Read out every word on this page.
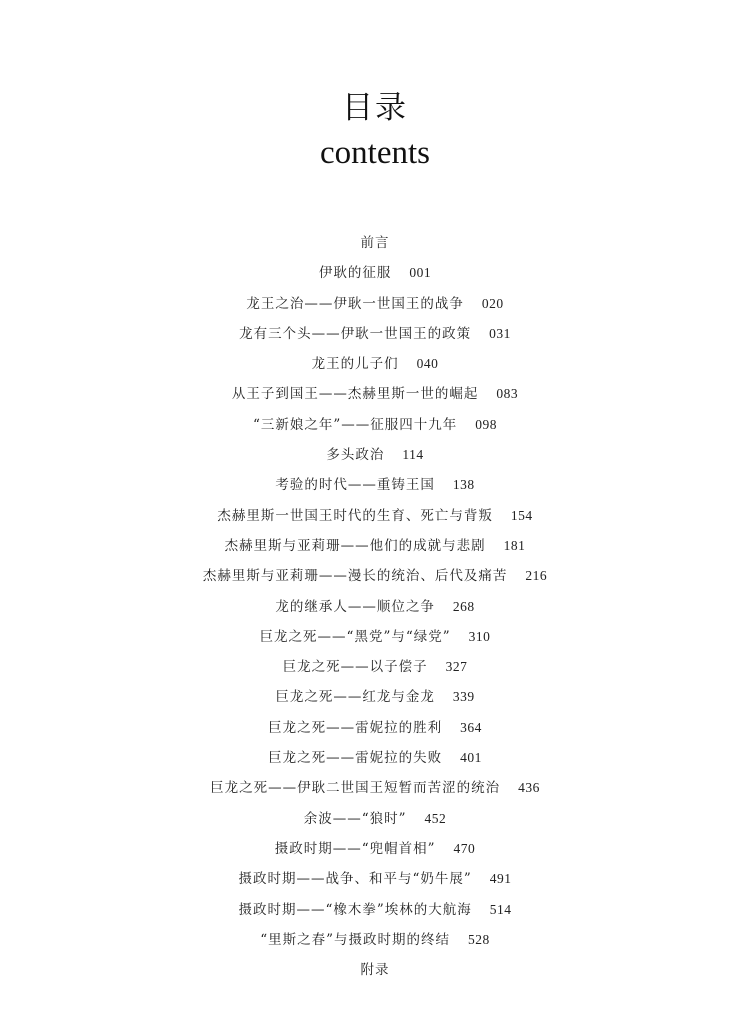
目录
contents
前言
伊耿的征服 001
龙王之治——伊耿一世国王的战争 020
龙有三个头——伊耿一世国王的政策 031
龙王的儿子们 040
从王子到国王——杰赫里斯一世的崛起 083
“三新娘之年”——征服四十九年 098
多头政治 114
考验的时代——重铸王国 138
杰赫里斯一世国王时代的生育、死亡与背叛 154
杰赫里斯与亚莉珊——他们的成就与悲剧 181
杰赫里斯与亚莉珊——漫长的统治、后代及痛苦 216
龙的继承人——顺位之争 268
巨龙之死——“黑党”与“绿党” 310
巨龙之死——以子偿子 327
巨龙之死——红龙与金龙 339
巨龙之死——雷妮拉的胜利 364
巨龙之死——雷妮拉的失败 401
巨龙之死——伊耿二世国王短暂而苦涩的统治 436
余波——“狼时” 452
摄政时期——“兜帽首相” 470
摄政时期——战争、和平与“奶牛展” 491
摄政时期——“橡木拳”埃林的大航海 514
“里斯之春”与摄政时期的终结 528
附录
